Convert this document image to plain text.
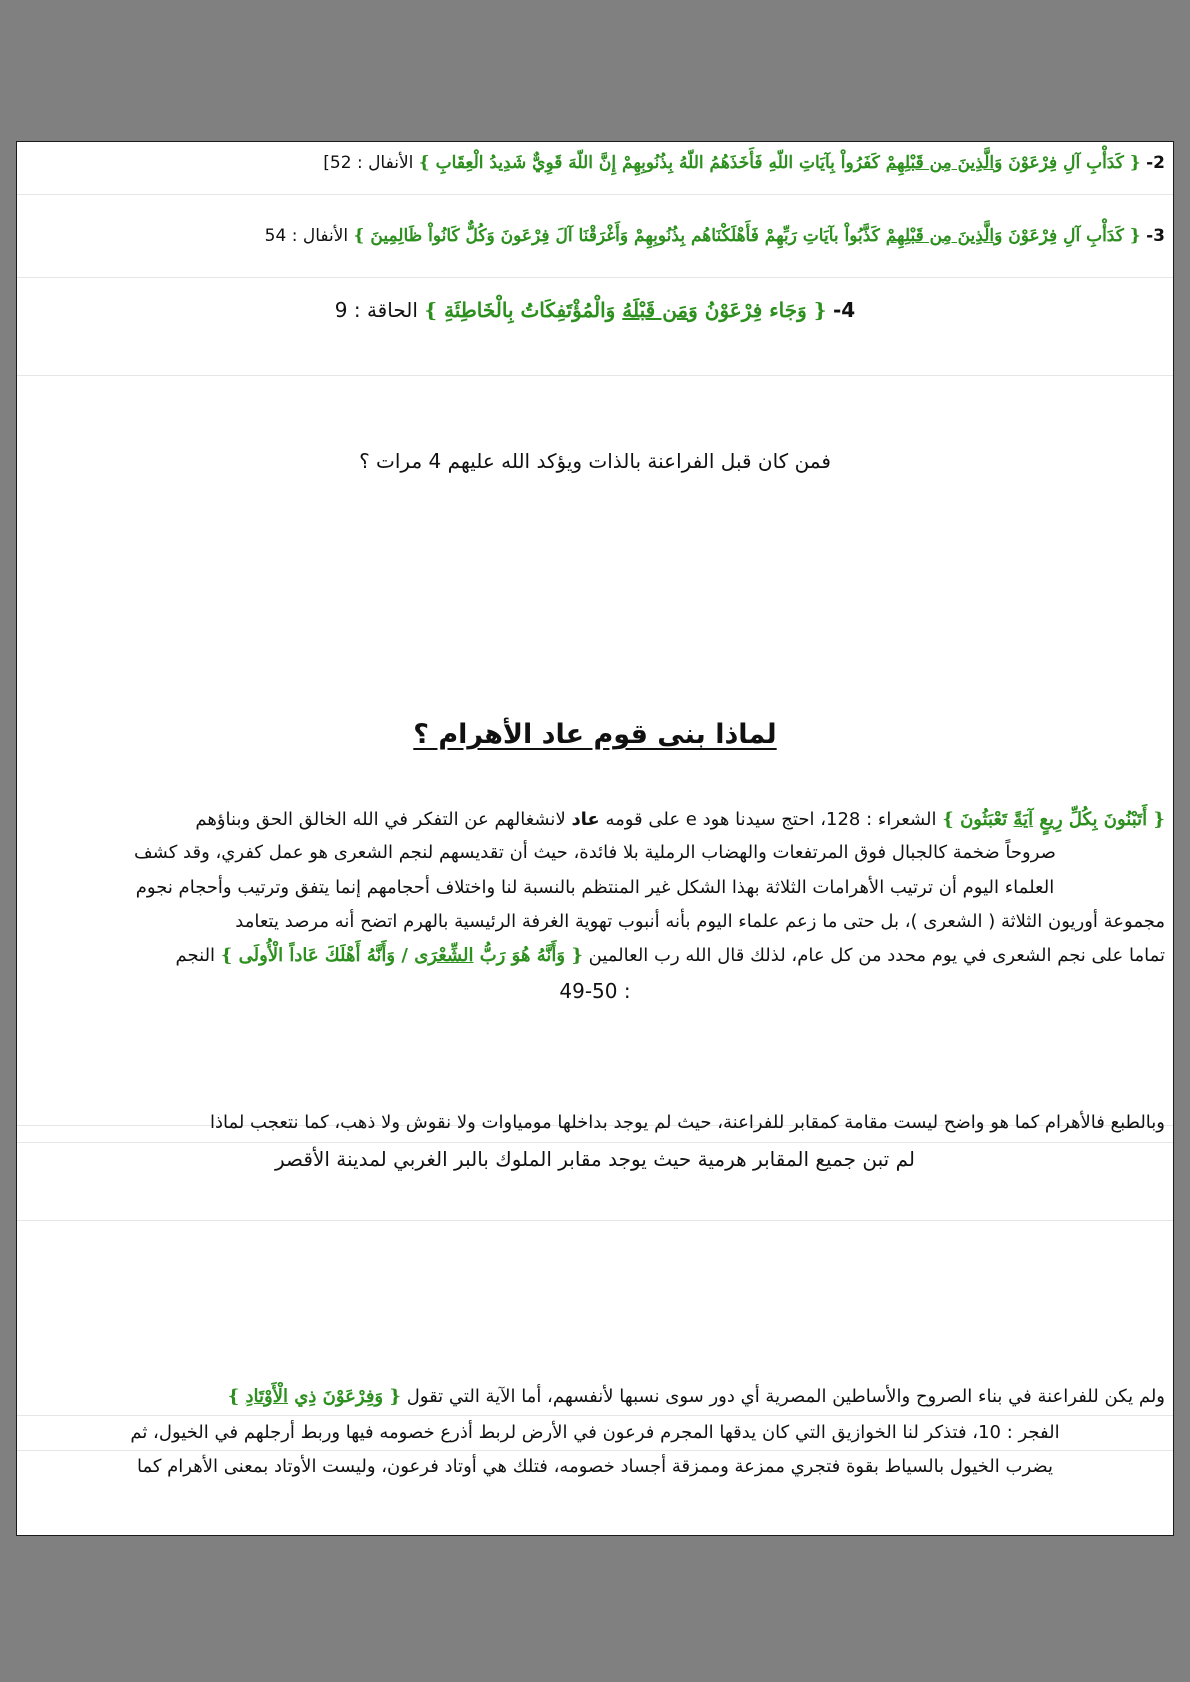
2- { كَدَأْبِ آلِ فِرْعَوْنَ وَالَّذِينَ مِن قَبْلِهِمْ كَفَرُواْ بِآيَاتِ اللّهِ فَأَخَذَهُمُ اللّهُ بِذُنُوبِهِمْ إِنَّ اللّهَ قَوِيٌّ شَدِيدُ الْعِقَابِ } الأنفال : 52]
3- { كَدَأْبِ آلِ فِرْعَوْنَ وَالَّذِينَ مِن قَبْلِهِمْ كَذَّبُواْ بآيَاتِ رَبِّهِمْ فَأَهْلَكْنَاهُم بِذُنُوبِهِمْ وَأَغْرَقْنَا آلَ فِرْعَونَ وَكُلٌّ كَانُواْ ظَالِمِينَ } الأنفال : 54
4- { وَجَاء فِرْعَوْنُ وَمَن قَبْلَهُ وَالْمُؤْتَفِكَاتُ بِالْخَاطِئَةِ } الحاقة : 9
فمن كان قبل الفراعنة بالذات ويؤكد الله عليهم 4 مرات ؟
لماذا بنى قوم عاد الأهرام ؟
{ أَتَبْنُونَ بِكُلِّ رِيعٍ آيَةً تَعْبَثُونَ } الشعراء : 128، احتج سيدنا هود e على قومه عاد لانشغالهم عن التفكر في الله الخالق الحق وبناؤهم
صروحاً ضخمة كالجبال فوق المرتفعات والهضاب الرملية بلا فائدة، حيث أن تقديسهم لنجم الشعرى هو عمل كفري، وقد كشف
العلماء اليوم أن ترتيب الأهرامات الثلاثة بهذا الشكل غير المنتظم بالنسبة لنا واختلاف أحجامهم إنما يتفق وترتيب وأحجام نجوم
مجموعة أوريون الثلاثة ( الشعرى )، بل حتى ما زعم علماء اليوم بأنه أنبوب تهوية الغرفة الرئيسية بالهرم اتضح أنه مرصد يتعامد
تماما على نجم الشعرى في يوم محدد من كل عام، لذلك قال الله رب العالمين { وَأَنَّهُ هُوَ رَبُّ الشِّعْرَى / وَأَنَّهُ أَهْلَكَ عَاداً الْأُولَى } النجم
: 49-50
وبالطبع فالأهرام كما هو واضح ليست مقامة كمقابر للفراعنة، حيث لم يوجد بداخلها مومياوات ولا نقوش ولا ذهب، كما نتعجب لماذا
لم تبن جميع المقابر هرمية حيث يوجد مقابر الملوك بالبر الغربي لمدينة الأقصر
ولم يكن للفراعنة في بناء الصروح والأساطين المصرية أي دور سوى نسبها لأنفسهم، أما الآية التي تقول { وَفِرْعَوْنَ ذِي الْأَوْتَادِ }
الفجر : 10، فتذكر لنا الخوازيق التي كان يدقها المجرم فرعون في الأرض لربط أذرع خصومه فيها وربط أرجلهم في الخيول، ثم
يضرب الخيول بالسياط بقوة فتجري ممزعة وممزقة أجساد خصومه، فتلك هي أوتاد فرعون، وليست الأوتاد بمعنى الأهرام كما
